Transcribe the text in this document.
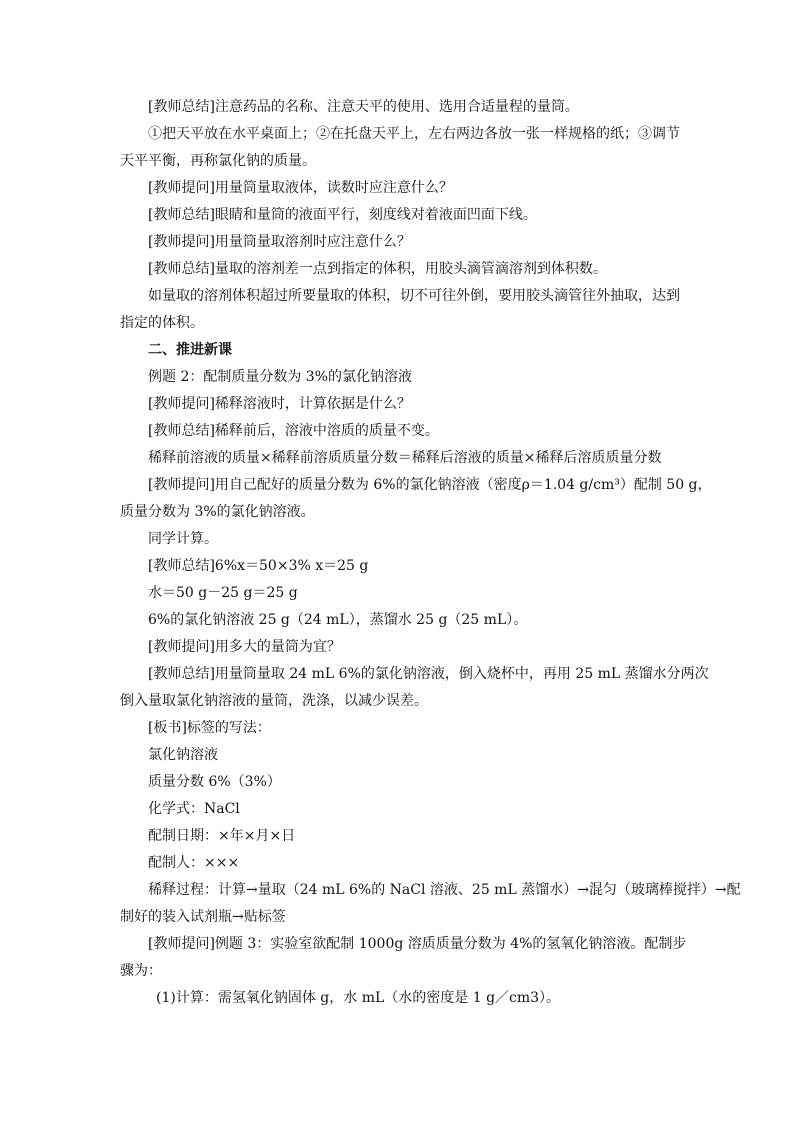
[教师总结]注意药品的名称、注意天平的使用、选用合适量程的量筒。

①把天平放在水平桌面上；②在托盘天平上，左右两边各放一张一样规格的纸；③调节

天平平衡，再称氯化钠的质量。

[教师提问]用量筒量取液体，读数时应注意什么？

[教师总结]眼睛和量筒的液面平行，刻度线对着液面凹面下线。

[教师提问]用量筒量取溶剂时应注意什么？

[教师总结]量取的溶剂差一点到指定的体积，用胶头滴管滴溶剂到体积数。

如量取的溶剂体积超过所要量取的体积，切不可往外倒，要用胶头滴管往外抽取，达到

指定的体积。

二、推进新课

例题 2：配制质量分数为 3%的氯化钠溶液

[教师提问]稀释溶液时，计算依据是什么？

[教师总结]稀释前后，溶液中溶质的质量不变。

稀释前溶液的质量×稀释前溶质质量分数＝稀释后溶液的质量×稀释后溶质质量分数

[教师提问]用自己配好的质量分数为 6%的氯化钠溶液（密度ρ＝1.04 g/cm³）配制 50 g，

质量分数为 3%的氯化钠溶液。

同学计算。

[教师总结]6%x＝50×3% x＝25 g

水＝50 g－25 g＝25 g

6%的氯化钠溶液 25 g（24 mL），蒸馏水 25 g（25 mL）。

[教师提问]用多大的量筒为宜？

[教师总结]用量筒量取 24 mL 6%的氯化钠溶液，倒入烧杯中，再用 25 mL 蒸馏水分两次

倒入量取氯化钠溶液的量筒，洗涤，以减少误差。

[板书]标签的写法：

氯化钠溶液

质量分数 6%（3%）

化学式：NaCl

配制日期：×年×月×日

配制人：×××

稀释过程：计算→量取（24 mL 6%的 NaCl 溶液、25 mL 蒸馏水）→混匀（玻璃棒搅拌）→配

制好的装入试剂瓶→贴标签

[教师提问]例题 3：实验室欲配制 1000g 溶质质量分数为 4%的氢氧化钠溶液。配制步

骤为：

(1)计算：需氢氧化钠固体 g，水 mL（水的密度是 1 g／cm3）。
